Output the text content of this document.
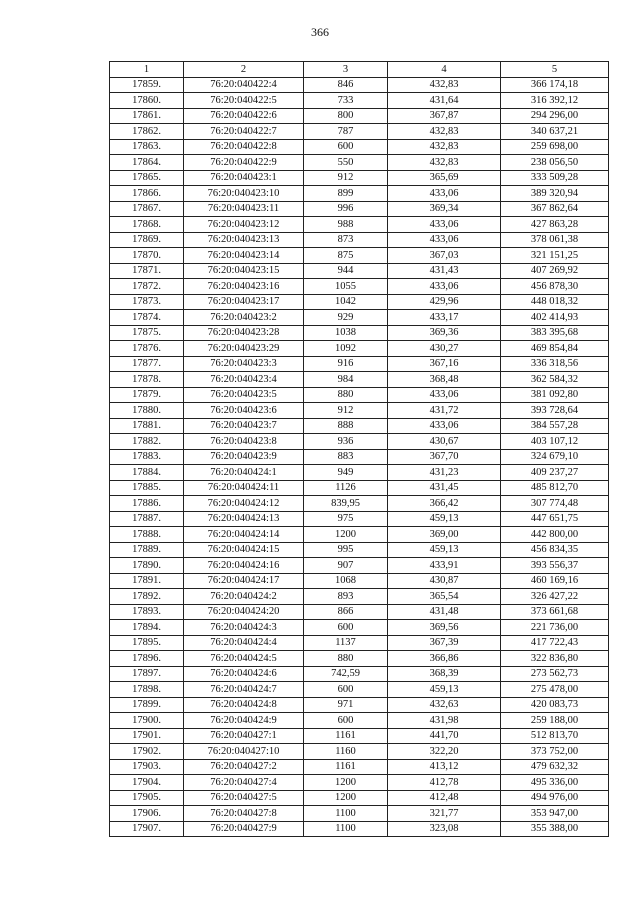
366
1	2	3	4	5
17859.	76:20:040422:4	846	432,83	366 174,18
17860.	76:20:040422:5	733	431,64	316 392,12
17861.	76:20:040422:6	800	367,87	294 296,00
17862.	76:20:040422:7	787	432,83	340 637,21
17863.	76:20:040422:8	600	432,83	259 698,00
17864.	76:20:040422:9	550	432,83	238 056,50
17865.	76:20:040423:1	912	365,69	333 509,28
17866.	76:20:040423:10	899	433,06	389 320,94
17867.	76:20:040423:11	996	369,34	367 862,64
17868.	76:20:040423:12	988	433,06	427 863,28
17869.	76:20:040423:13	873	433,06	378 061,38
17870.	76:20:040423:14	875	367,03	321 151,25
17871.	76:20:040423:15	944	431,43	407 269,92
17872.	76:20:040423:16	1055	433,06	456 878,30
17873.	76:20:040423:17	1042	429,96	448 018,32
17874.	76:20:040423:2	929	433,17	402 414,93
17875.	76:20:040423:28	1038	369,36	383 395,68
17876.	76:20:040423:29	1092	430,27	469 854,84
17877.	76:20:040423:3	916	367,16	336 318,56
17878.	76:20:040423:4	984	368,48	362 584,32
17879.	76:20:040423:5	880	433,06	381 092,80
17880.	76:20:040423:6	912	431,72	393 728,64
17881.	76:20:040423:7	888	433,06	384 557,28
17882.	76:20:040423:8	936	430,67	403 107,12
17883.	76:20:040423:9	883	367,70	324 679,10
17884.	76:20:040424:1	949	431,23	409 237,27
17885.	76:20:040424:11	1126	431,45	485 812,70
17886.	76:20:040424:12	839,95	366,42	307 774,48
17887.	76:20:040424:13	975	459,13	447 651,75
17888.	76:20:040424:14	1200	369,00	442 800,00
17889.	76:20:040424:15	995	459,13	456 834,35
17890.	76:20:040424:16	907	433,91	393 556,37
17891.	76:20:040424:17	1068	430,87	460 169,16
17892.	76:20:040424:2	893	365,54	326 427,22
17893.	76:20:040424:20	866	431,48	373 661,68
17894.	76:20:040424:3	600	369,56	221 736,00
17895.	76:20:040424:4	1137	367,39	417 722,43
17896.	76:20:040424:5	880	366,86	322 836,80
17897.	76:20:040424:6	742,59	368,39	273 562,73
17898.	76:20:040424:7	600	459,13	275 478,00
17899.	76:20:040424:8	971	432,63	420 083,73
17900.	76:20:040424:9	600	431,98	259 188,00
17901.	76:20:040427:1	1161	441,70	512 813,70
17902.	76:20:040427:10	1160	322,20	373 752,00
17903.	76:20:040427:2	1161	413,12	479 632,32
17904.	76:20:040427:4	1200	412,78	495 336,00
17905.	76:20:040427:5	1200	412,48	494 976,00
17906.	76:20:040427:8	1100	321,77	353 947,00
17907.	76:20:040427:9	1100	323,08	355 388,00
